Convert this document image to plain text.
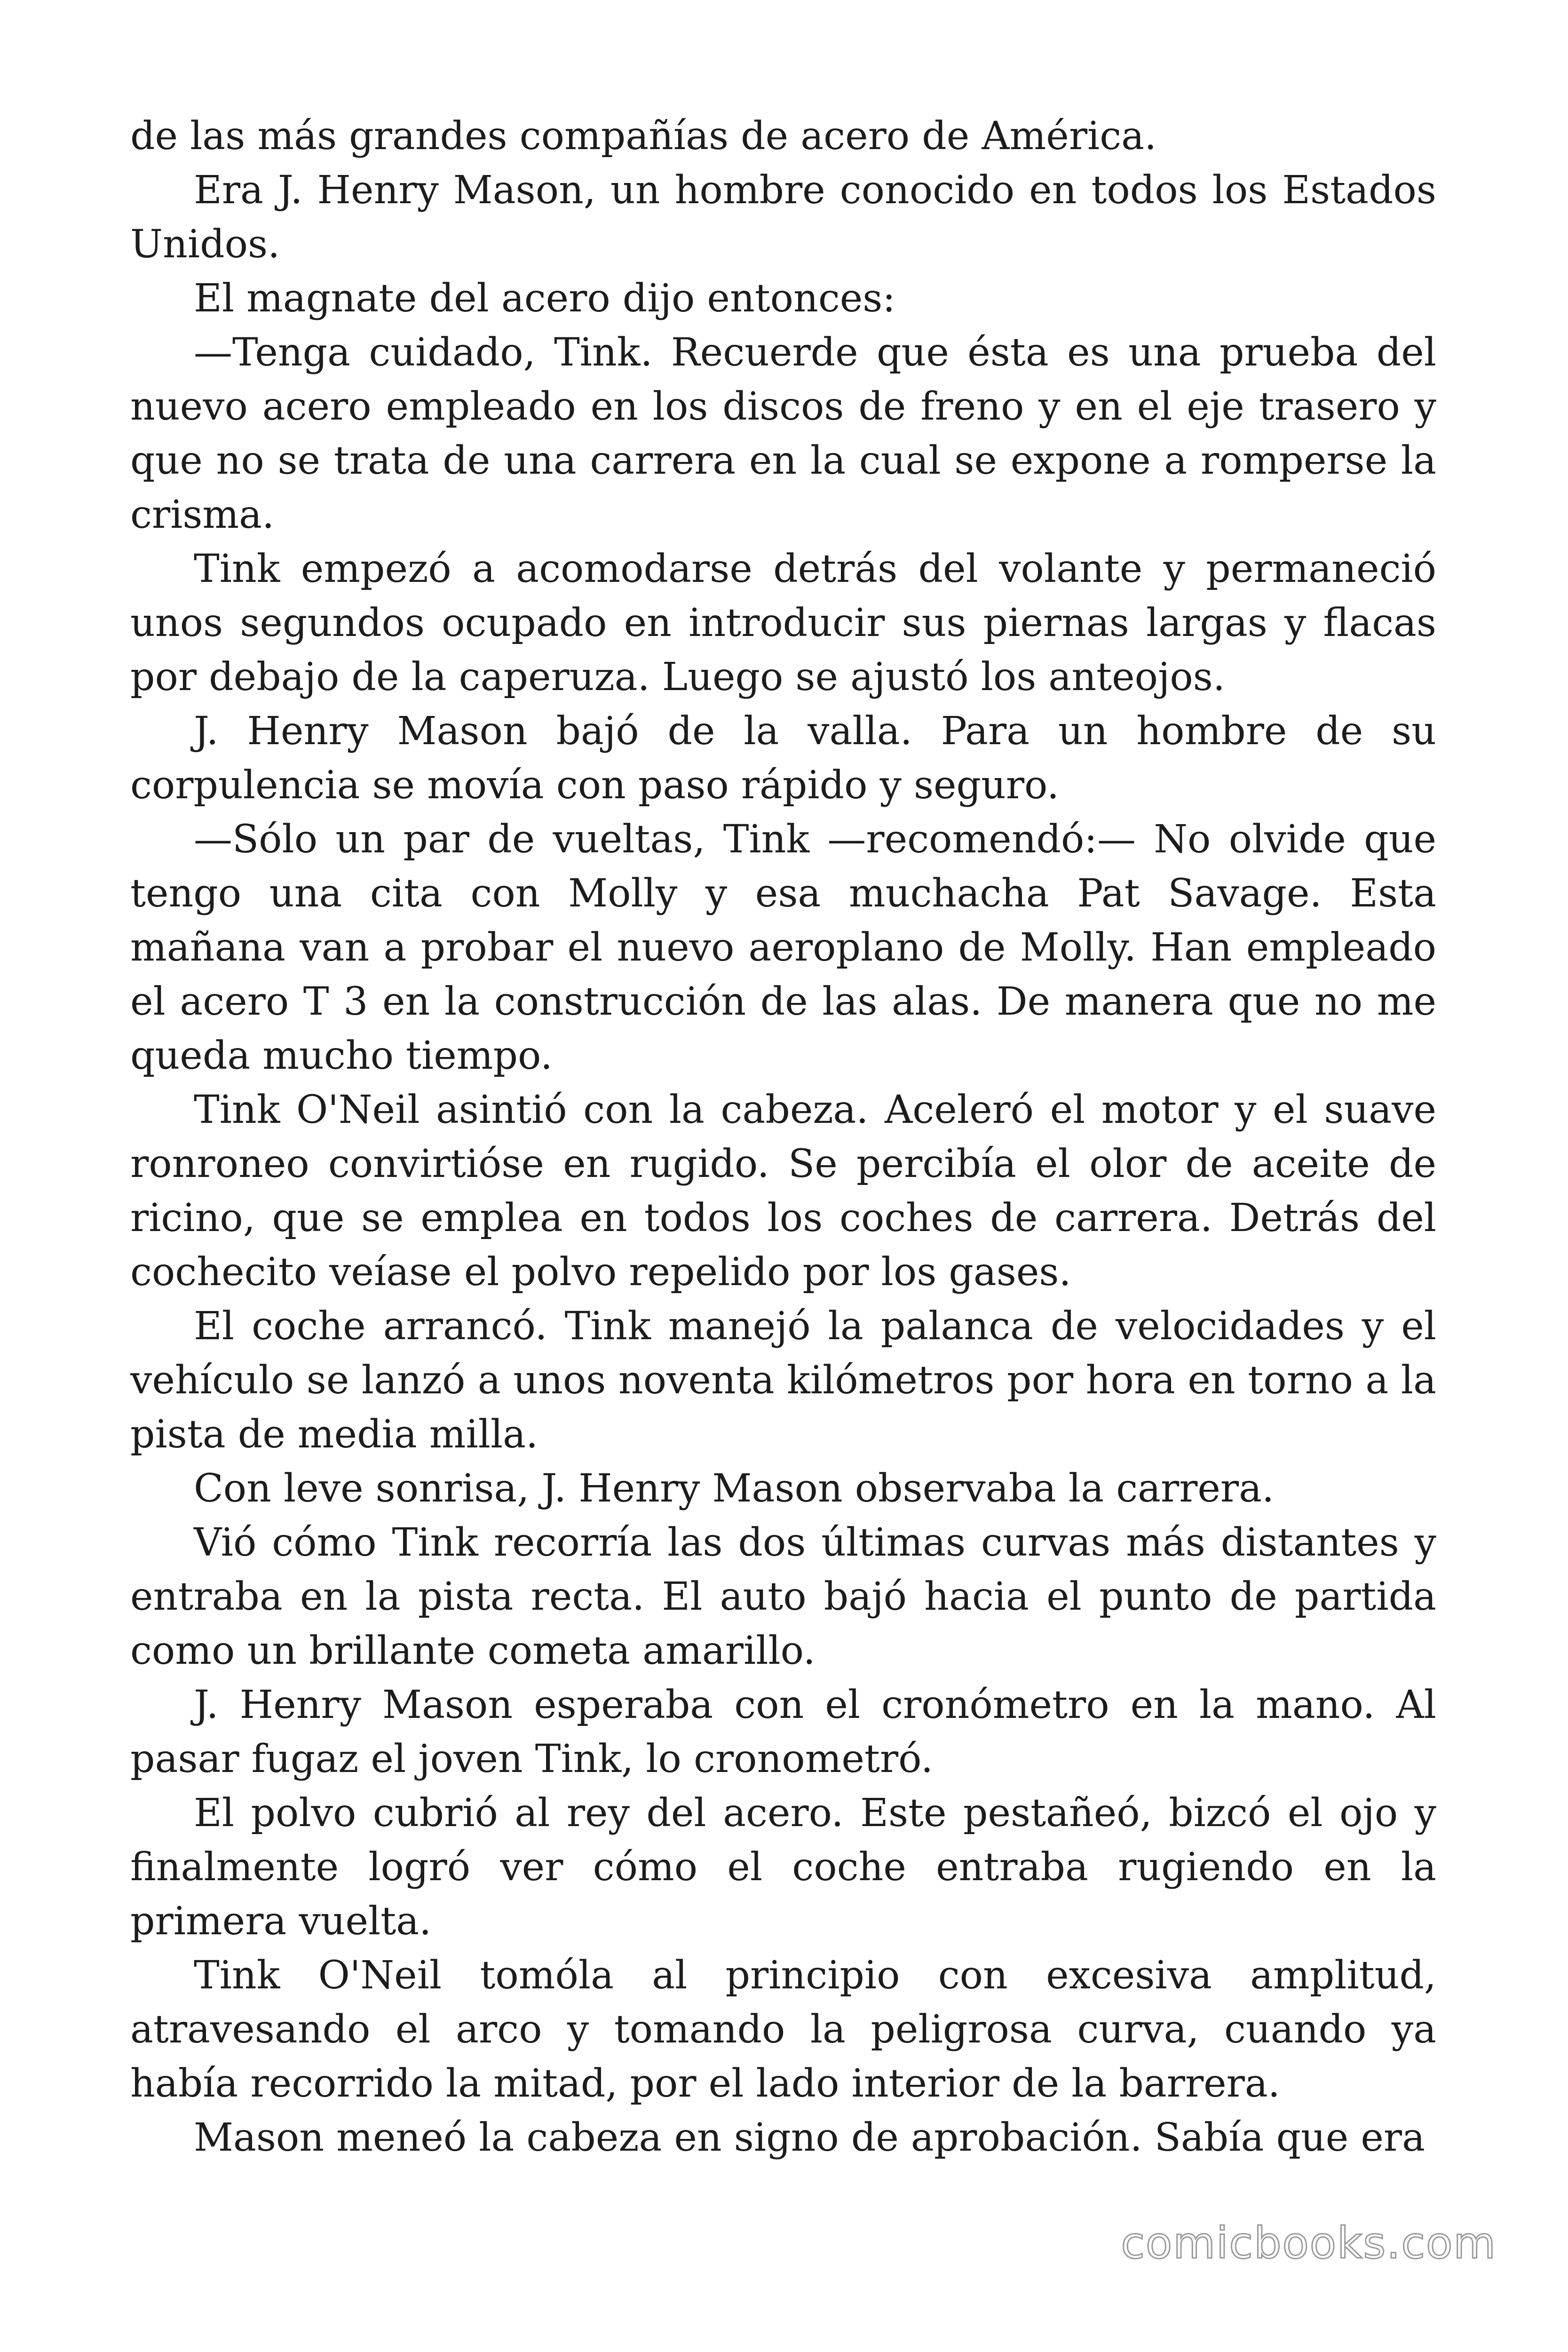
de las más grandes compañías de acero de América.

Era J. Henry Mason, un hombre conocido en todos los Estados Unidos.

El magnate del acero dijo entonces:

—Tenga cuidado, Tink. Recuerde que ésta es una prueba del nuevo acero empleado en los discos de freno y en el eje trasero y que no se trata de una carrera en la cual se expone a romperse la crisma.

Tink empezó a acomodarse detrás del volante y permaneció unos segundos ocupado en introducir sus piernas largas y flacas por debajo de la caperuza. Luego se ajustó los anteojos.

J. Henry Mason bajó de la valla. Para un hombre de su corpulencia se movía con paso rápido y seguro.

—Sólo un par de vueltas, Tink —recomendó:— No olvide que tengo una cita con Molly y esa muchacha Pat Savage. Esta mañana van a probar el nuevo aeroplano de Molly. Han empleado el acero T 3 en la construcción de las alas. De manera que no me queda mucho tiempo.

Tink O'Neil asintió con la cabeza. Aceleró el motor y el suave ronroneo convirtióse en rugido. Se percibía el olor de aceite de ricino, que se emplea en todos los coches de carrera. Detrás del cochecito veíase el polvo repelido por los gases.

El coche arrancó. Tink manejó la palanca de velocidades y el vehículo se lanzó a unos noventa kilómetros por hora en torno a la pista de media milla.

Con leve sonrisa, J. Henry Mason observaba la carrera.

Vió cómo Tink recorría las dos últimas curvas más distantes y entraba en la pista recta. El auto bajó hacia el punto de partida como un brillante cometa amarillo.

J. Henry Mason esperaba con el cronómetro en la mano. Al pasar fugaz el joven Tink, lo cronometró.

El polvo cubrió al rey del acero. Este pestañeó, bizcó el ojo y finalmente logró ver cómo el coche entraba rugiendo en la primera vuelta.

Tink O'Neil tomóla al principio con excesiva amplitud, atravesando el arco y tomando la peligrosa curva, cuando ya había recorrido la mitad, por el lado interior de la barrera.

Mason meneó la cabeza en signo de aprobación. Sabía que era

comicbooks.com
